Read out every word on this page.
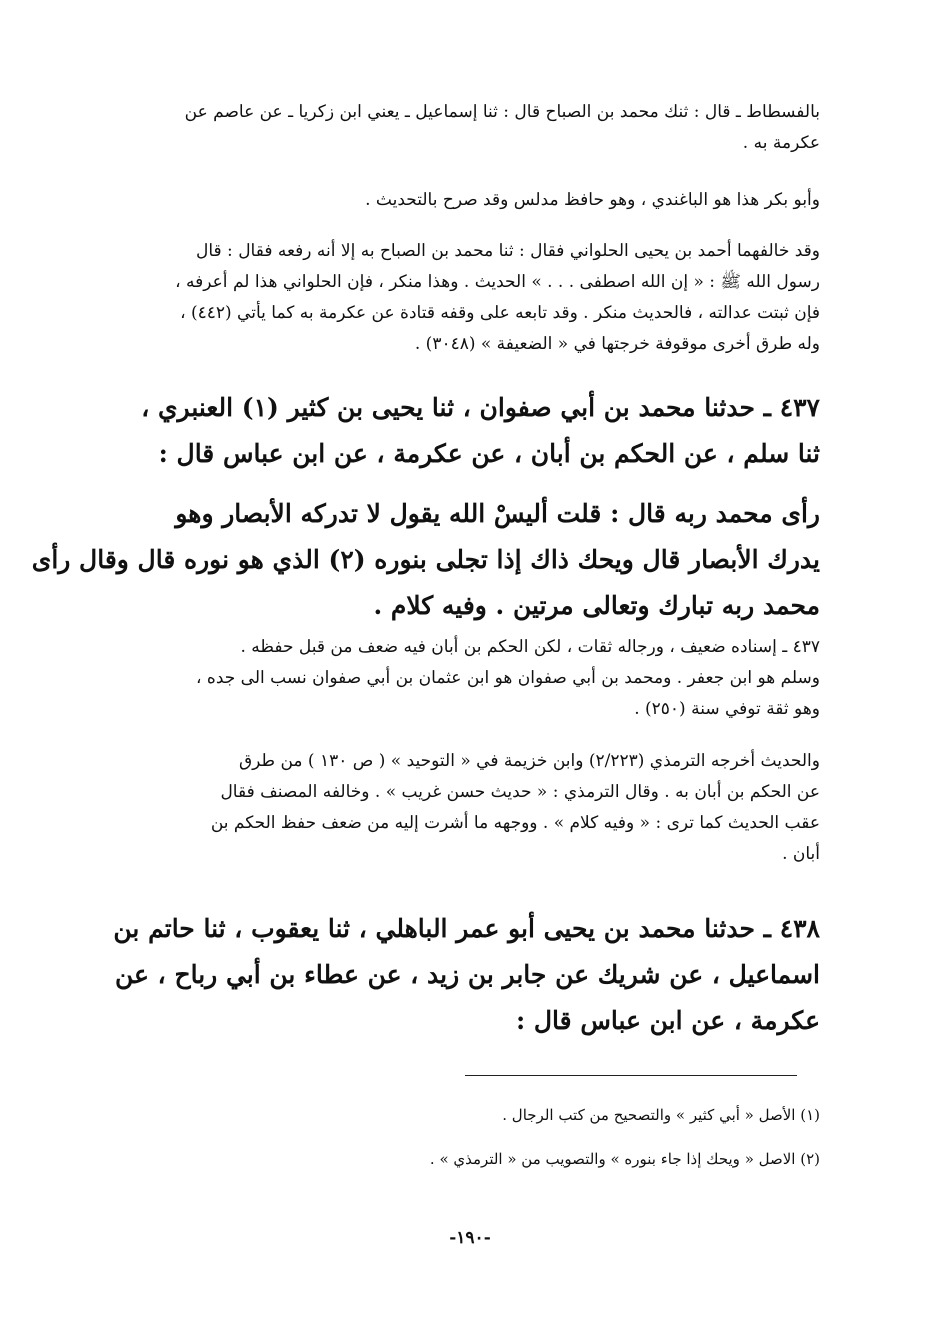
بالفسطاط ـ قال : ثنك محمد بن الصباح قال : ثنا إسماعيل ـ يعني ابن زكريا ـ عن عاصم عن
عكرمة به .

وأبو بكر هذا هو الباغندي ، وهو حافظ مدلس وقد صرح بالتحديث .

وقد خالفهما أحمد بن يحيى الحلواني فقال : ثنا محمد بن الصباح به إلا أنه رفعه فقال : قال
رسول الله ﷺ : « إن الله اصطفى . . . » الحديث . وهذا منكر ، فإن الحلواني هذا لم أعرفه ،
فإن ثبتت عدالته ، فالحديث منكر . وقد تابعه على وقفه قتادة عن عكرمة به كما يأتي (٤٤٢) ،
وله طرق أخرى موقوفة خرجتها في « الضعيفة » (٣٠٤٨) .

٤٣٧ ـ حدثنا محمد بن أبي صفوان ، ثنا يحيى بن كثير (١) العنبري ،
ثنا سلم ، عن الحكم بن أبان ، عن عكرمة ، عن ابن عباس قال :

رأى محمد ربه قال : قلت أليسْ الله يقول لا تدركه الأبصار وهو
يدرك الأبصار قال ويحك ذاك إذا تجلى بنوره (٢) الذي هو نوره قال وقال رأى
محمد ربه تبارك وتعالى مرتين . وفيه كلام .

٤٣٧ ـ إسناده ضعيف ، ورجاله ثقات ، لكن الحكم بن أبان فيه ضعف من قبل حفظه .
وسلم هو ابن جعفر . ومحمد بن أبي صفوان هو ابن عثمان بن أبي صفوان نسب الى جده ،
وهو ثقة توفي سنة (٢٥٠) .

والحديث أخرجه الترمذي (٢/٢٢٣) وابن خزيمة في « التوحيد » ( ص ١٣٠ ) من طرق
عن الحكم بن أبان به . وقال الترمذي : « حديث حسن غريب » . وخالفه المصنف فقال
عقب الحديث كما ترى : « وفيه كلام » . ووجهه ما أشرت إليه من ضعف حفظ الحكم بن
أبان .

٤٣٨ ـ حدثنا محمد بن يحيى أبو عمر الباهلي ، ثنا يعقوب ، ثنا حاتم بن
اسماعيل ، عن شريك عن جابر بن زيد ، عن عطاء بن أبي رباح ، عن
عكرمة ، عن ابن عباس قال :

(١) الأصل « أبي كثير » والتصحيح من كتب الرجال .
(٢) الاصل « ويحك إذا جاء بنوره » والتصويب من « الترمذي » .

-١٩٠-
